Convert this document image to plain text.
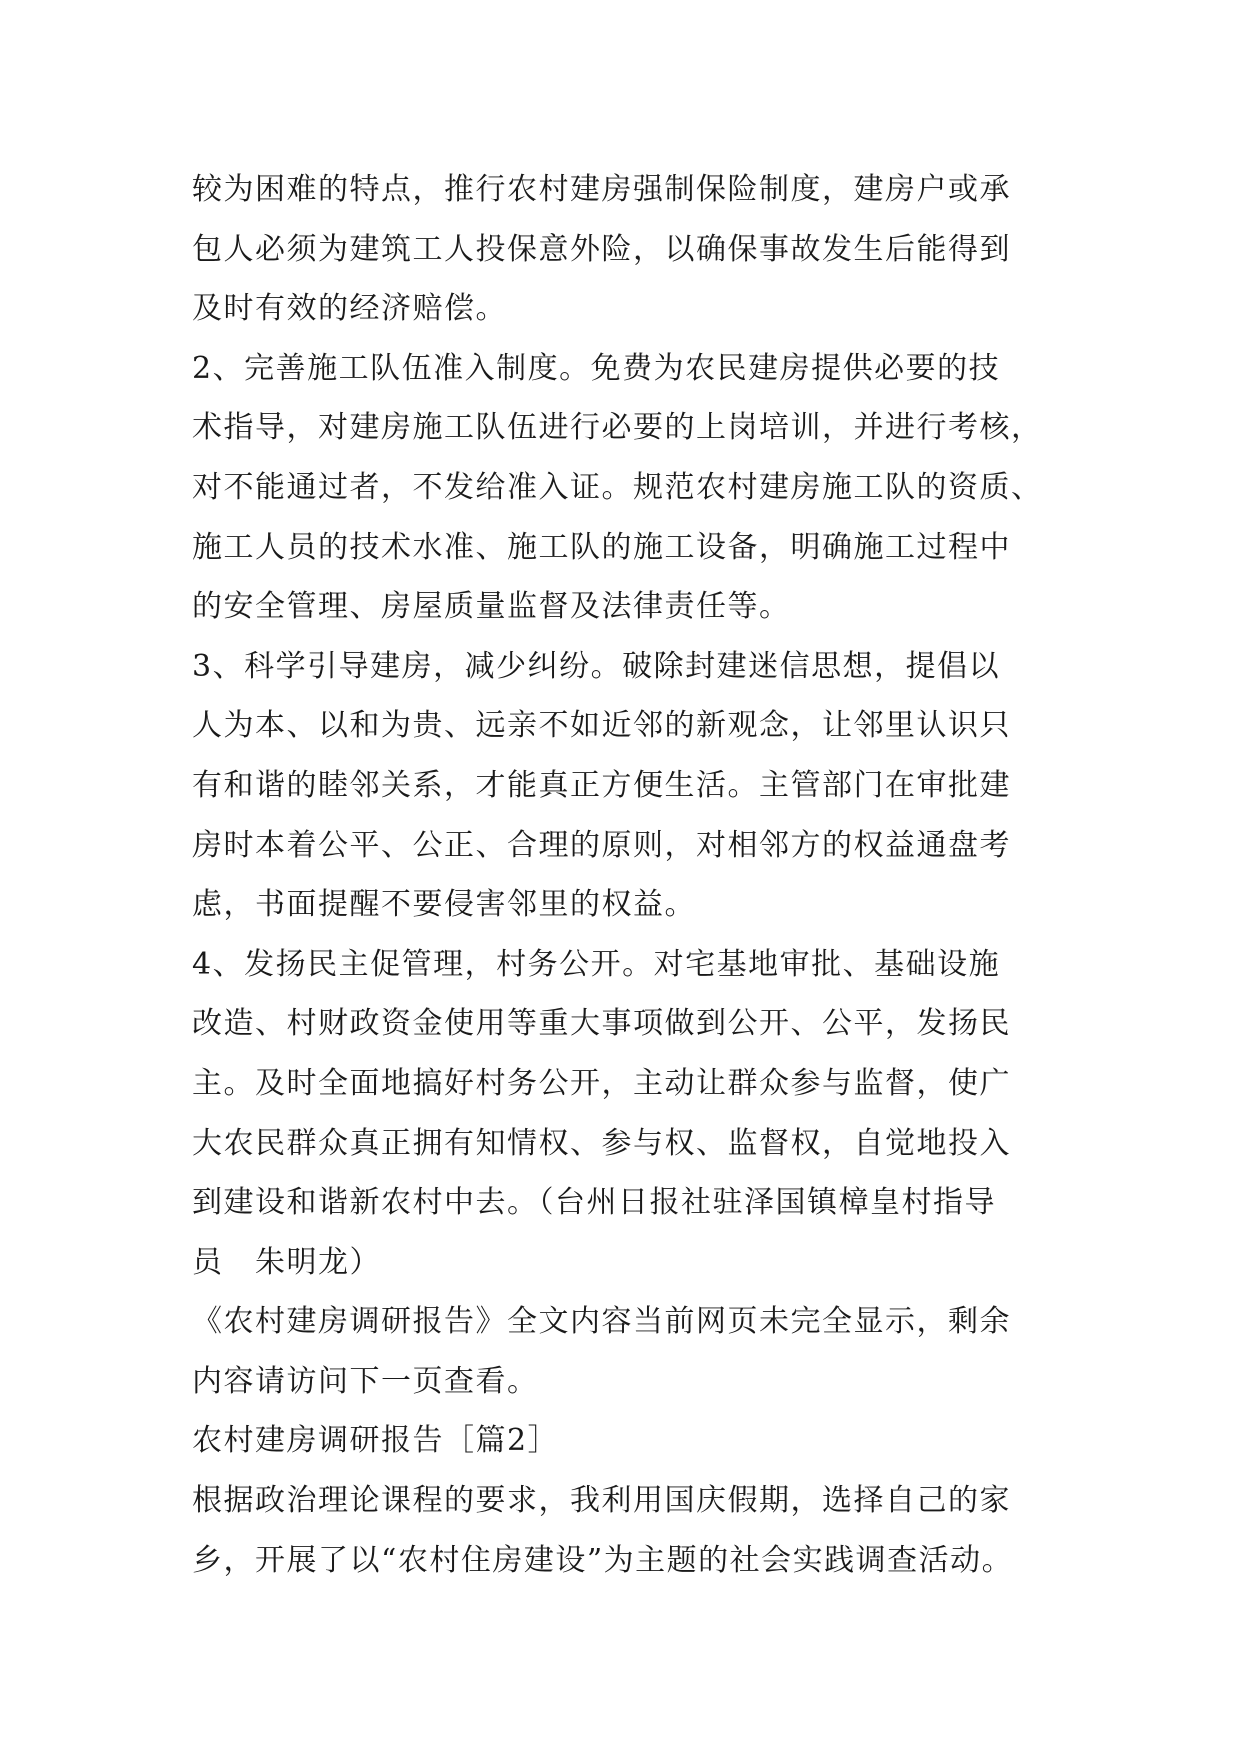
较为困难的特点，推行农村建房强制保险制度，建房户或承
包人必须为建筑工人投保意外险，以确保事故发生后能得到
及时有效的经济赔偿。
2、完善施工队伍准入制度。免费为农民建房提供必要的技
术指导，对建房施工队伍进行必要的上岗培训，并进行考核，
对不能通过者，不发给准入证。规范农村建房施工队的资质、
施工人员的技术水准、施工队的施工设备，明确施工过程中
的安全管理、房屋质量监督及法律责任等。
3、科学引导建房，减少纠纷。破除封建迷信思想，提倡以
人为本、以和为贵、远亲不如近邻的新观念，让邻里认识只
有和谐的睦邻关系，才能真正方便生活。主管部门在审批建
房时本着公平、公正、合理的原则，对相邻方的权益通盘考
虑，书面提醒不要侵害邻里的权益。
4、发扬民主促管理，村务公开。对宅基地审批、基础设施
改造、村财政资金使用等重大事项做到公开、公平，发扬民
主。及时全面地搞好村务公开，主动让群众参与监督，使广
大农民群众真正拥有知情权、参与权、监督权，自觉地投入
到建设和谐新农村中去。（台州日报社驻泽国镇樟皇村指导
员　朱明龙）
《农村建房调研报告》全文内容当前网页未完全显示，剩余
内容请访问下一页查看。
农村建房调研报告［篇2］
根据政治理论课程的要求，我利用国庆假期，选择自己的家
乡，开展了以“农村住房建设”为主题的社会实践调查活动。
